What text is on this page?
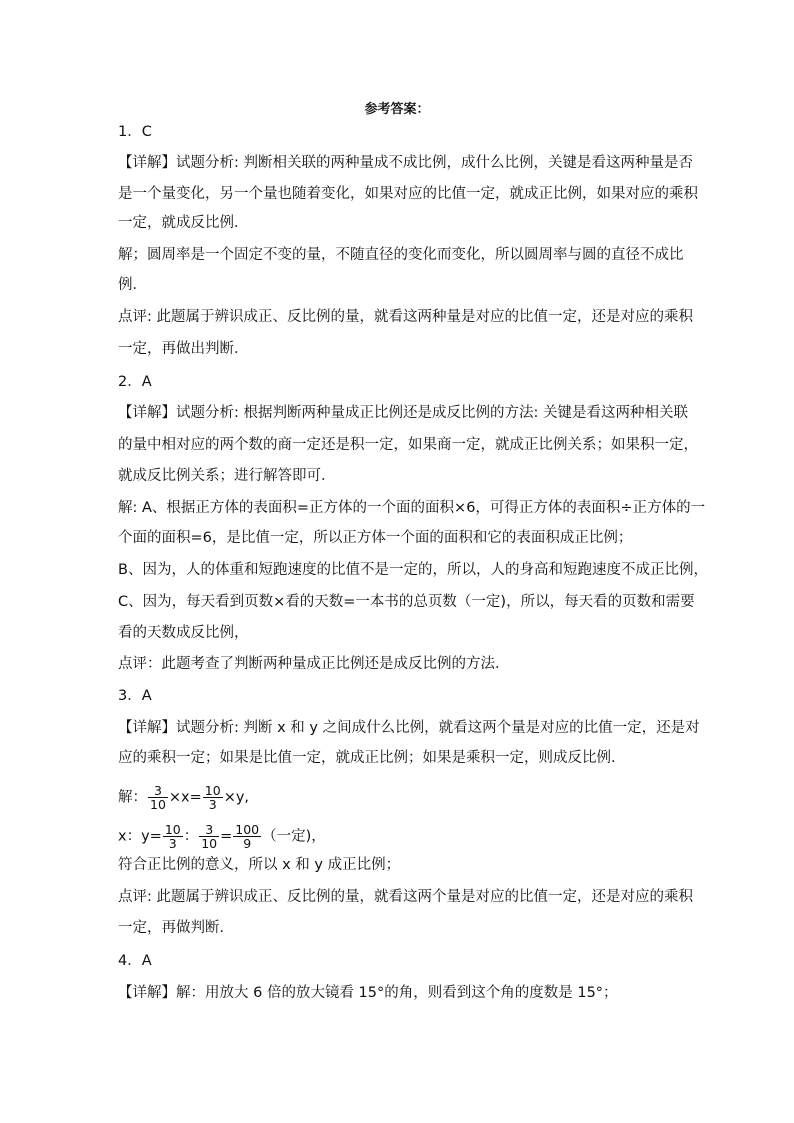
参考答案：
1．C
【详解】试题分析: 判断相关联的两种量成不成比例，成什么比例，关键是看这两种量是否
是一个量变化，另一个量也随着变化，如果对应的比值一定，就成正比例，如果对应的乘积
一定，就成反比例．
解；圆周率是一个固定不变的量，不随直径的变化而变化，所以圆周率与圆的直径不成比
例．
点评: 此题属于辨识成正、反比例的量，就看这两种量是对应的比值一定，还是对应的乘积
一定，再做出判断．
2．A
【详解】试题分析: 根据判断两种量成正比例还是成反比例的方法: 关键是看这两种相关联
的量中相对应的两个数的商一定还是积一定，如果商一定，就成正比例关系；如果积一定，
就成反比例关系；进行解答即可．
解: A、根据正方体的表面积=正方体的一个面的面积×6，可得正方体的表面积÷正方体的一
个面的面积=6，是比值一定，所以正方体一个面的面积和它的表面积成正比例；
B、因为，人的体重和短跑速度的比值不是一定的，所以，人的身高和短跑速度不成正比例，
C、因为，每天看到页数×看的天数=一本书的总页数（一定)，所以，每天看的页数和需要
看的天数成反比例，
点评：此题考查了判断两种量成正比例还是成反比例的方法．
3．A
【详解】试题分析: 判断 x 和 y 之间成什么比例，就看这两个量是对应的比值一定，还是对
应的乘积一定；如果是比值一定，就成正比例；如果是乘积一定，则成反比例．
解： $\frac{3}{10} \times x= \frac{10}{3} \times y$,
x：$y= \frac{10}{3}$ ： $\frac{3}{10} = \frac{100}{9}$ （一定)，
符合正比例的意义，所以 x 和 y 成正比例；
点评: 此题属于辨识成正、反比例的量，就看这两个量是对应的比值一定，还是对应的乘积
一定，再做判断．
4．A
【详解】解：用放大 6 倍的放大镜看 15°的角，则看到这个角的度数是 15°；
